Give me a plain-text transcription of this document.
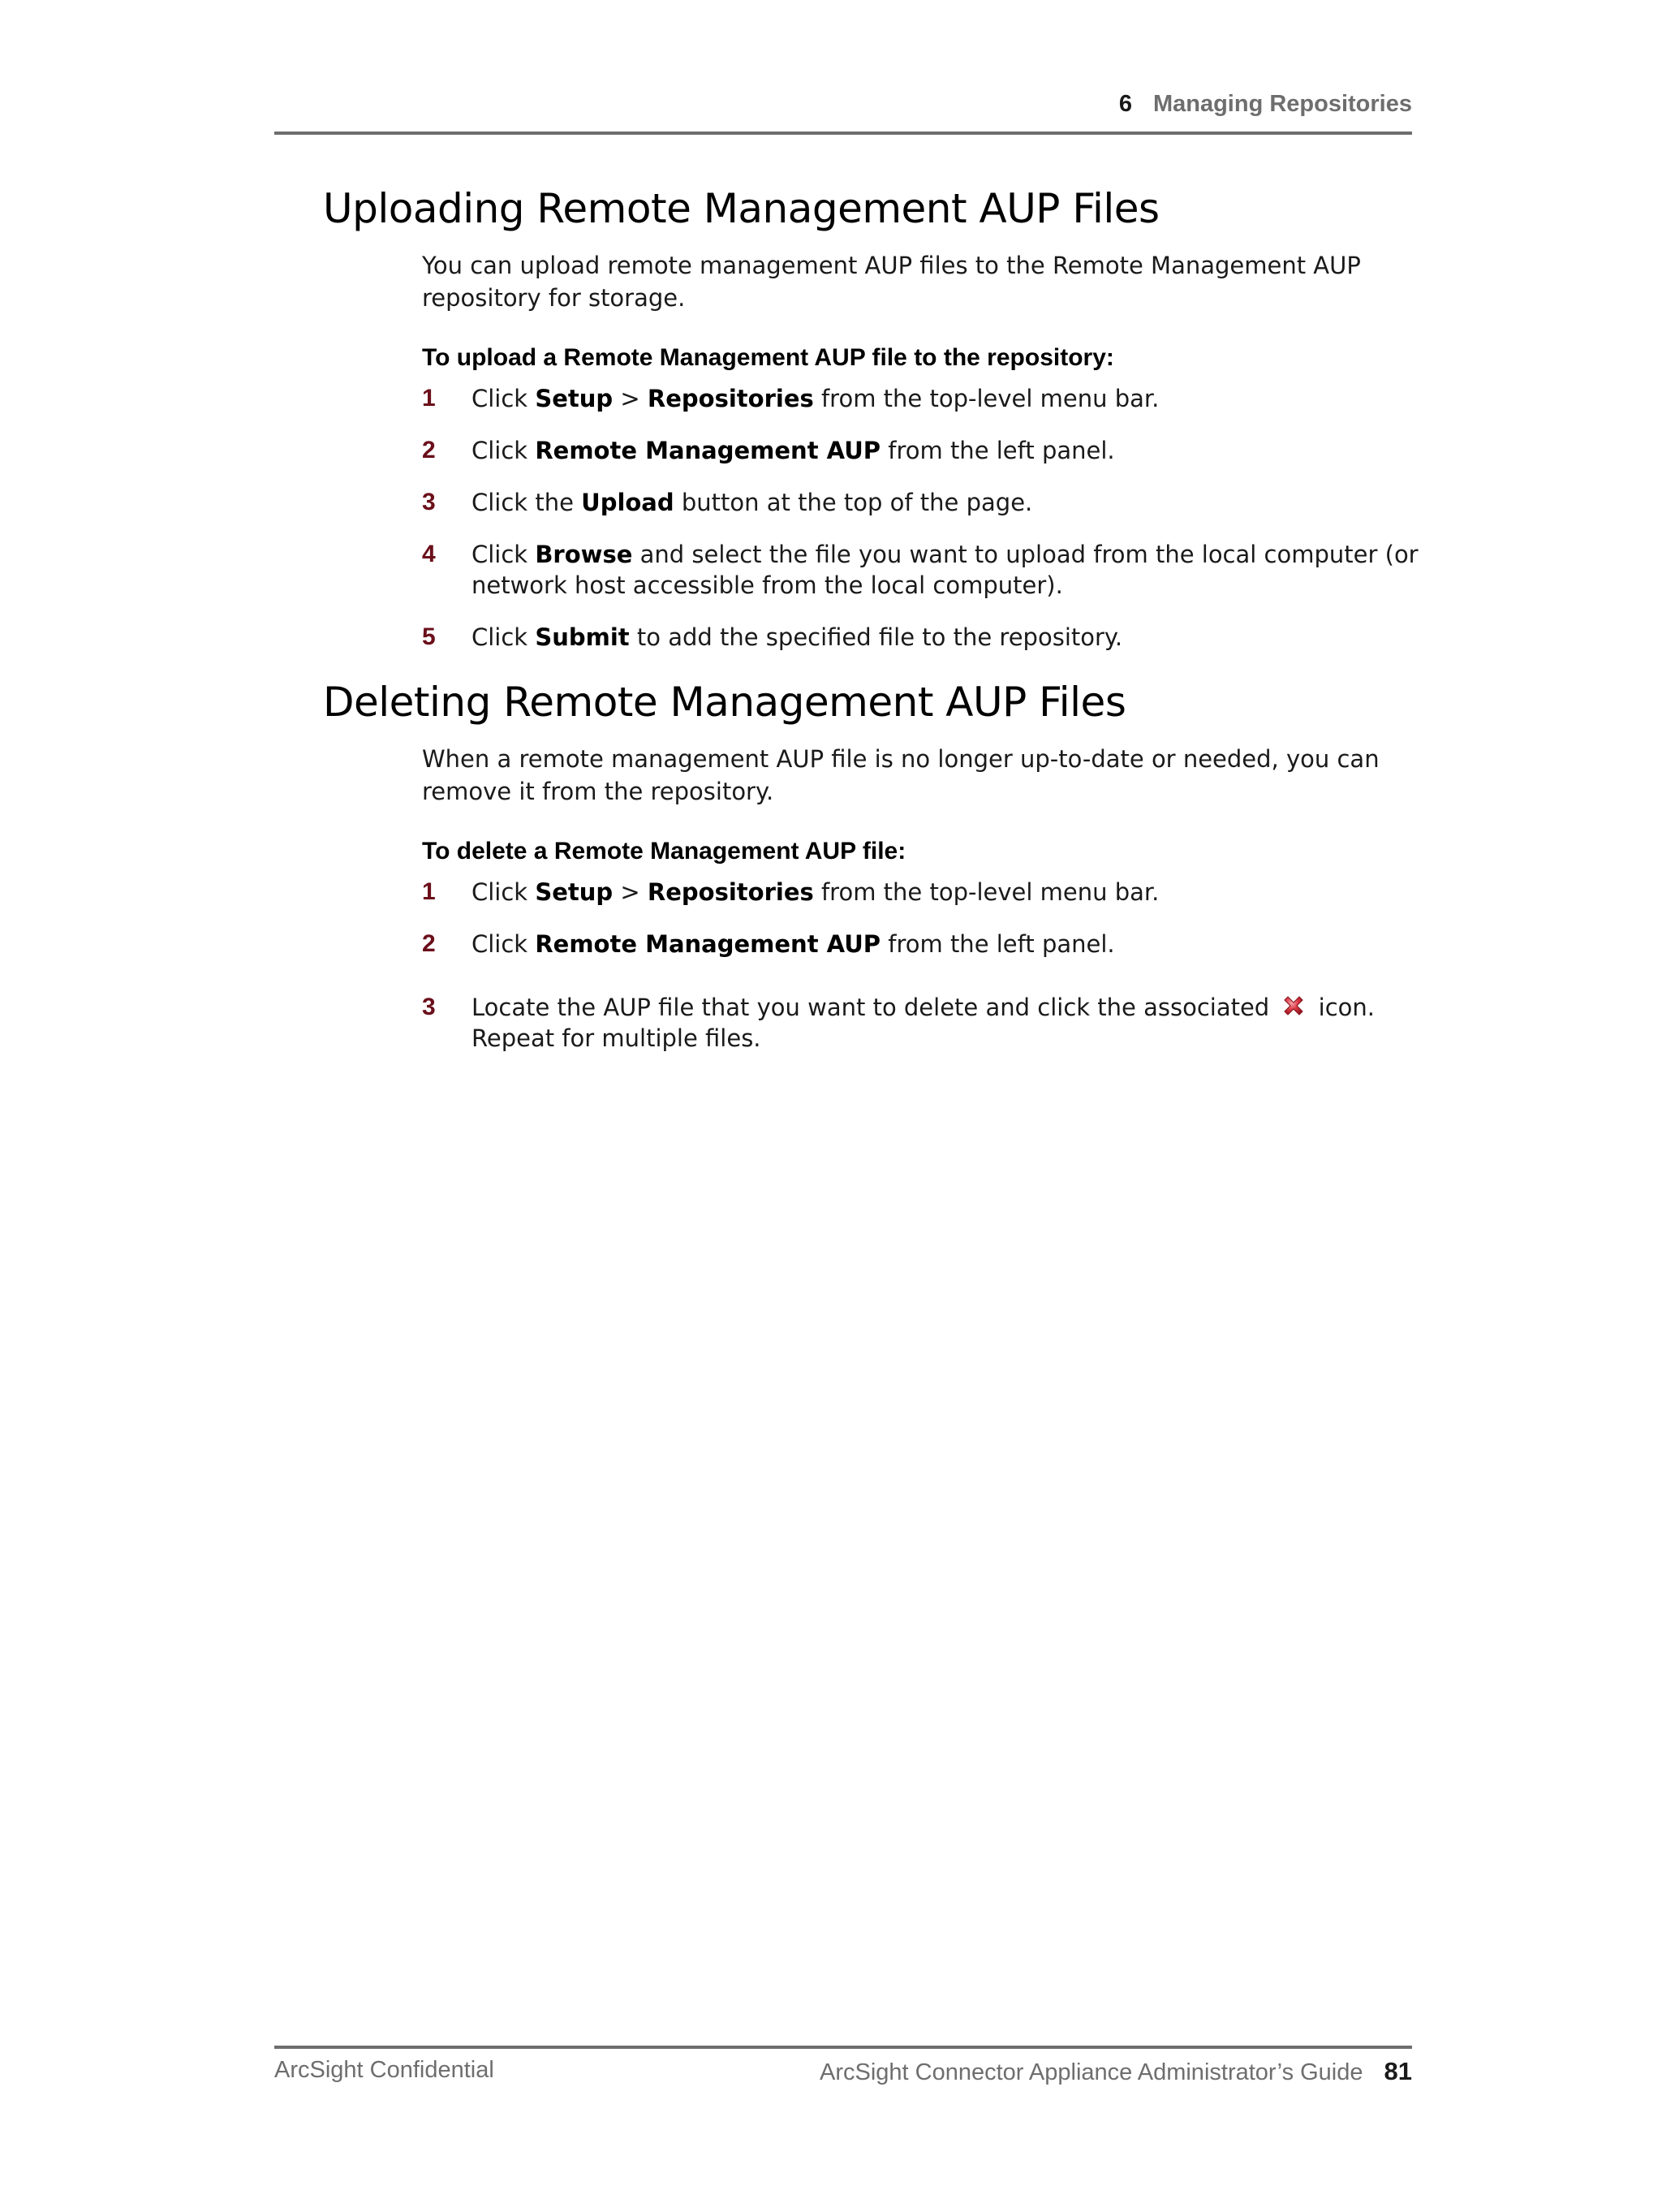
6 Managing Repositories
Uploading Remote Management AUP Files

You can upload remote management AUP files to the Remote Management AUP repository for storage.

To upload a Remote Management AUP file to the repository:
1 Click Setup > Repositories from the top-level menu bar.
2 Click Remote Management AUP from the left panel.
3 Click the Upload button at the top of the page.
4 Click Browse and select the file you want to upload from the local computer (or network host accessible from the local computer).
5 Click Submit to add the specified file to the repository.
Deleting Remote Management AUP Files

When a remote management AUP file is no longer up-to-date or needed, you can remove it from the repository.

To delete a Remote Management AUP file:
1 Click Setup > Repositories from the top-level menu bar.
2 Click Remote Management AUP from the left panel.
3 Locate the AUP file that you want to delete and click the associated  icon. Repeat for multiple files.
ArcSight Confidential	ArcSight Connector Appliance Administrator’s Guide 81
